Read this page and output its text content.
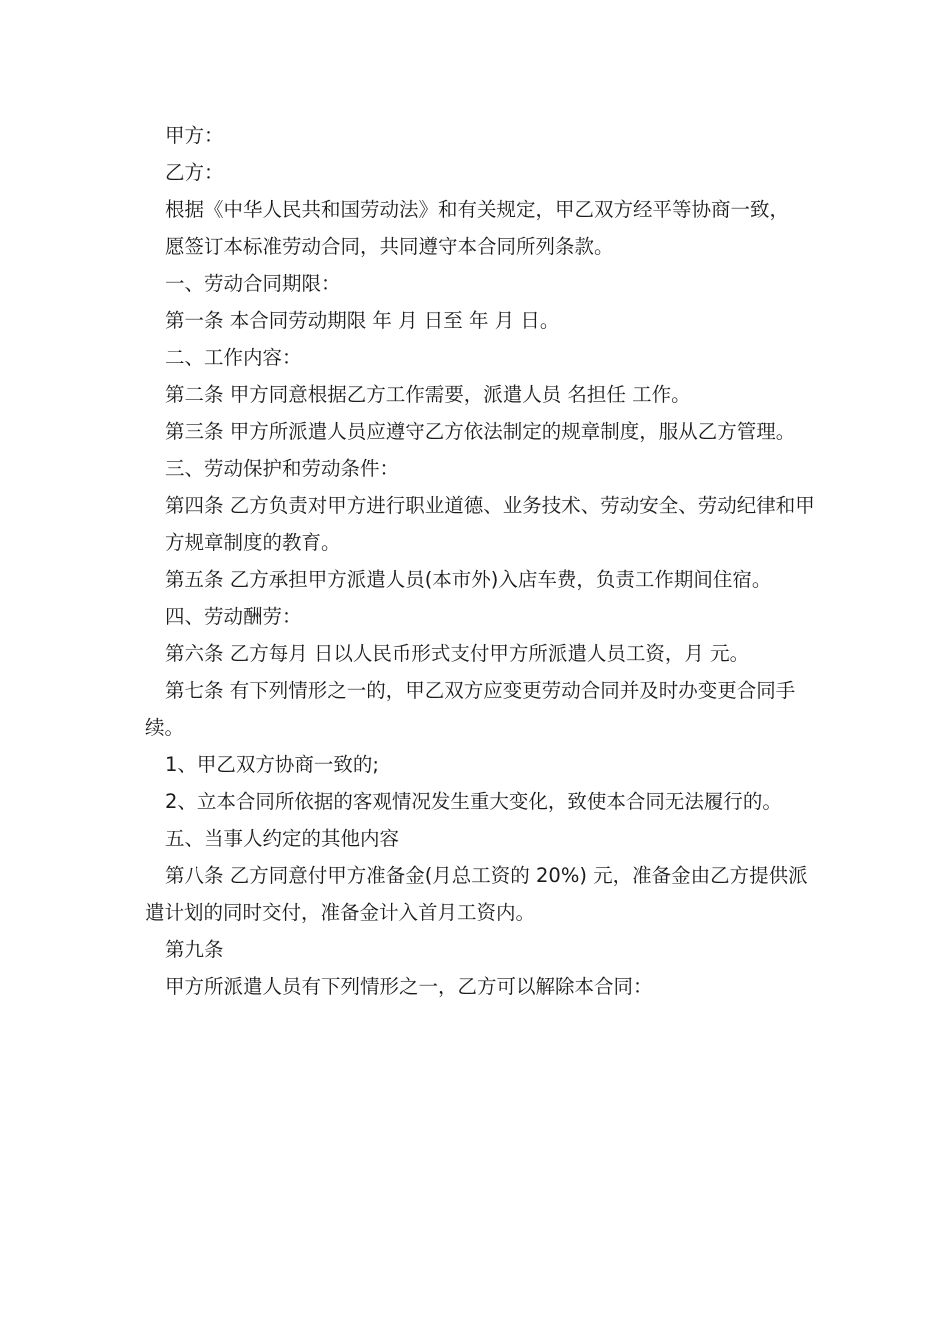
甲方：

乙方：

根据《中华人民共和国劳动法》和有关规定，甲乙双方经平等协商一致，

愿签订本标准劳动合同，共同遵守本合同所列条款。

一、劳动合同期限：

第一条 本合同劳动期限 年 月 日至 年 月 日。

二、工作内容：

第二条 甲方同意根据乙方工作需要，派遣人员 名担任 工作。

第三条 甲方所派遣人员应遵守乙方依法制定的规章制度，服从乙方管理。

三、劳动保护和劳动条件：

第四条 乙方负责对甲方进行职业道德、业务技术、劳动安全、劳动纪律和甲

方规章制度的教育。

第五条 乙方承担甲方派遣人员(本市外)入店车费，负责工作期间住宿。

四、劳动酬劳：

第六条 乙方每月 日以人民币形式支付甲方所派遣人员工资，月 元。

第七条 有下列情形之一的，甲乙双方应变更劳动合同并及时办变更合同手续。

1、甲乙双方协商一致的;

2、立本合同所依据的客观情况发生重大变化，致使本合同无法履行的。

五、当事人约定的其他内容

第八条 乙方同意付甲方准备金(月总工资的 20%) 元，准备金由乙方提供派遣计划的同时交付，准备金计入首月工资内。

第九条

甲方所派遣人员有下列情形之一，乙方可以解除本合同：
